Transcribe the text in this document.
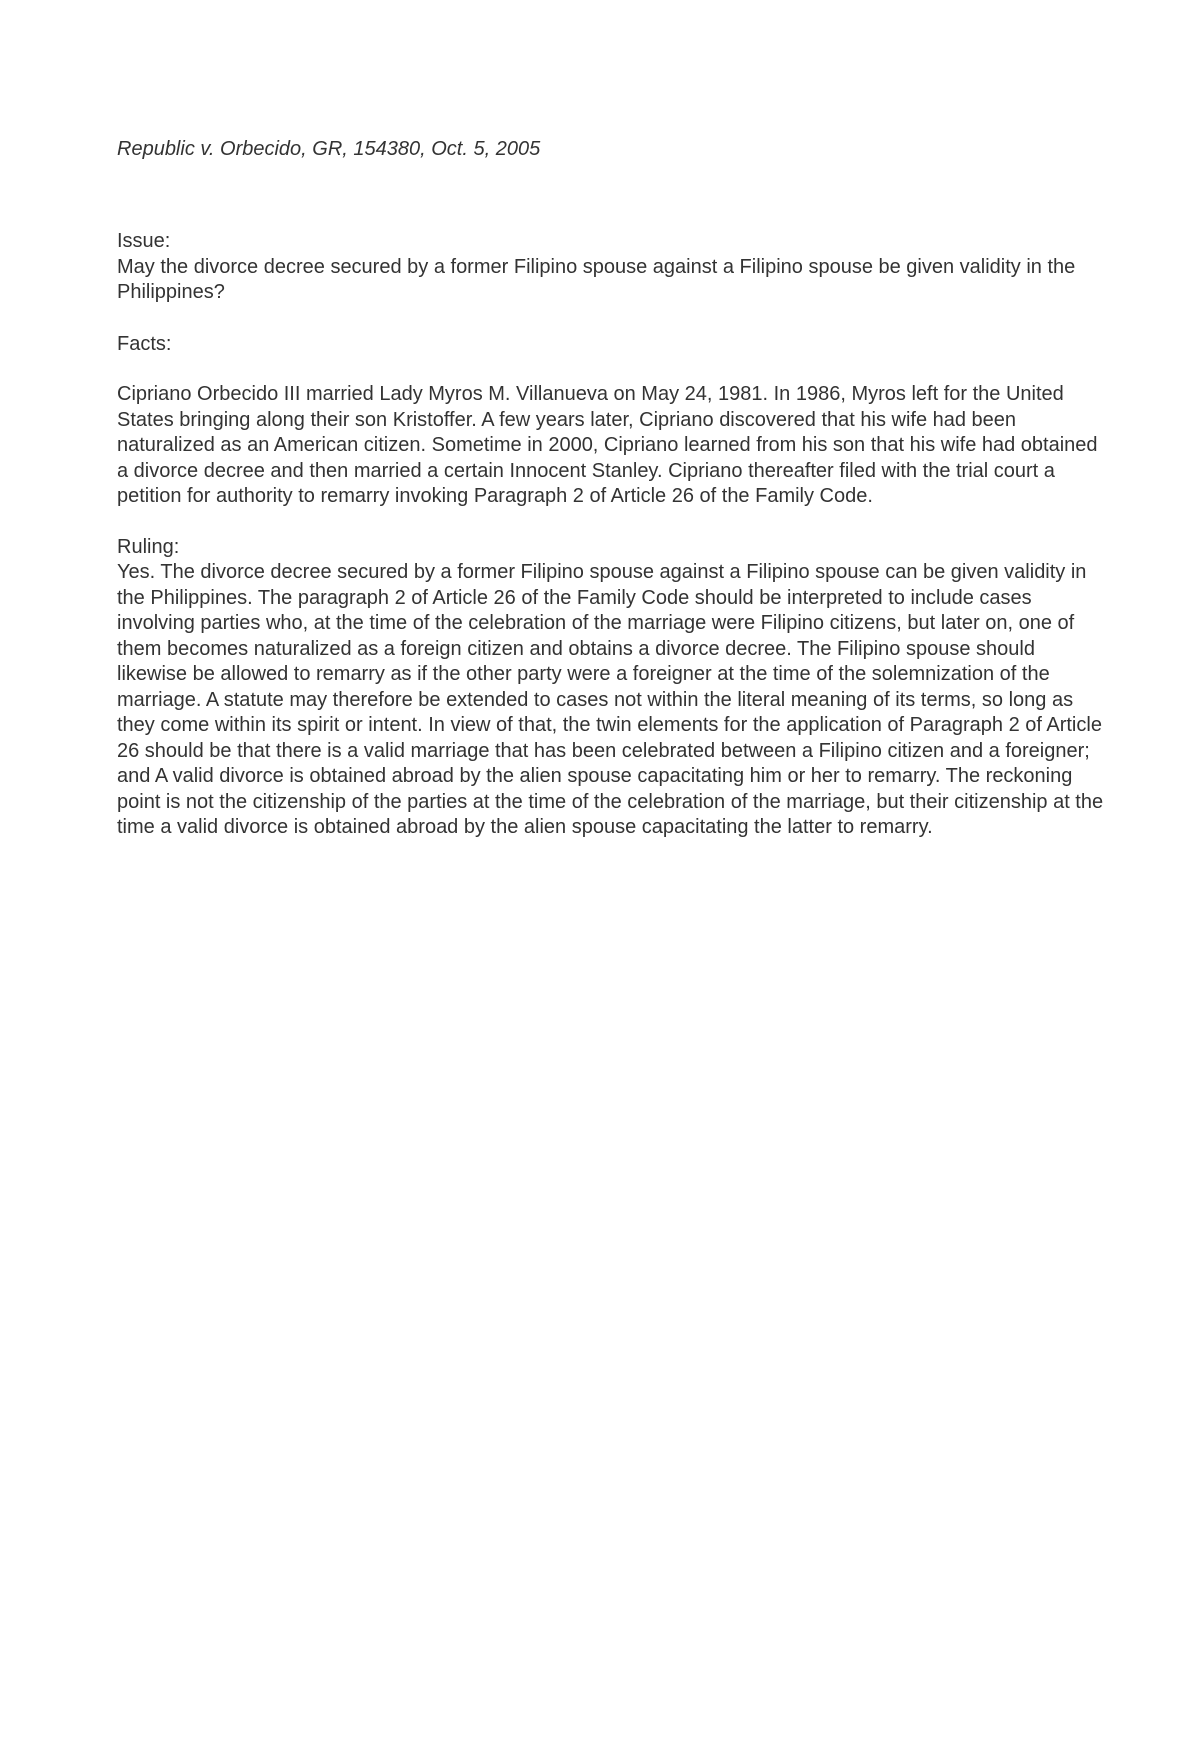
Republic v. Orbecido, GR, 154380, Oct. 5, 2005

Issue:

May the divorce decree secured by a former Filipino spouse against a Filipino spouse be given validity in the Philippines?

Facts:

Cipriano Orbecido III married Lady Myros M. Villanueva on May 24, 1981. In 1986, Myros left for the United States bringing along their son Kristoffer. A few years later, Cipriano discovered that his wife had been naturalized as an American citizen. Sometime in 2000, Cipriano learned from his son that his wife had obtained a divorce decree and then married a certain Innocent Stanley. Cipriano thereafter filed with the trial court a petition for authority to remarry invoking Paragraph 2 of Article 26 of the Family Code.

Ruling:

Yes. The divorce decree secured by a former Filipino spouse against a Filipino spouse can be given validity in the Philippines. The paragraph 2 of Article 26 of the Family Code should be interpreted to include cases involving parties who, at the time of the celebration of the marriage were Filipino citizens, but later on, one of them becomes naturalized as a foreign citizen and obtains a divorce decree. The Filipino spouse should likewise be allowed to remarry as if the other party were a foreigner at the time of the solemnization of the marriage. A statute may therefore be extended to cases not within the literal meaning of its terms, so long as they come within its spirit or intent. In view of that, the twin elements for the application of Paragraph 2 of Article 26 should be that there is a valid marriage that has been celebrated between a Filipino citizen and a foreigner; and A valid divorce is obtained abroad by the alien spouse capacitating him or her to remarry. The reckoning point is not the citizenship of the parties at the time of the celebration of the marriage, but their citizenship at the time a valid divorce is obtained abroad by the alien spouse capacitating the latter to remarry.
